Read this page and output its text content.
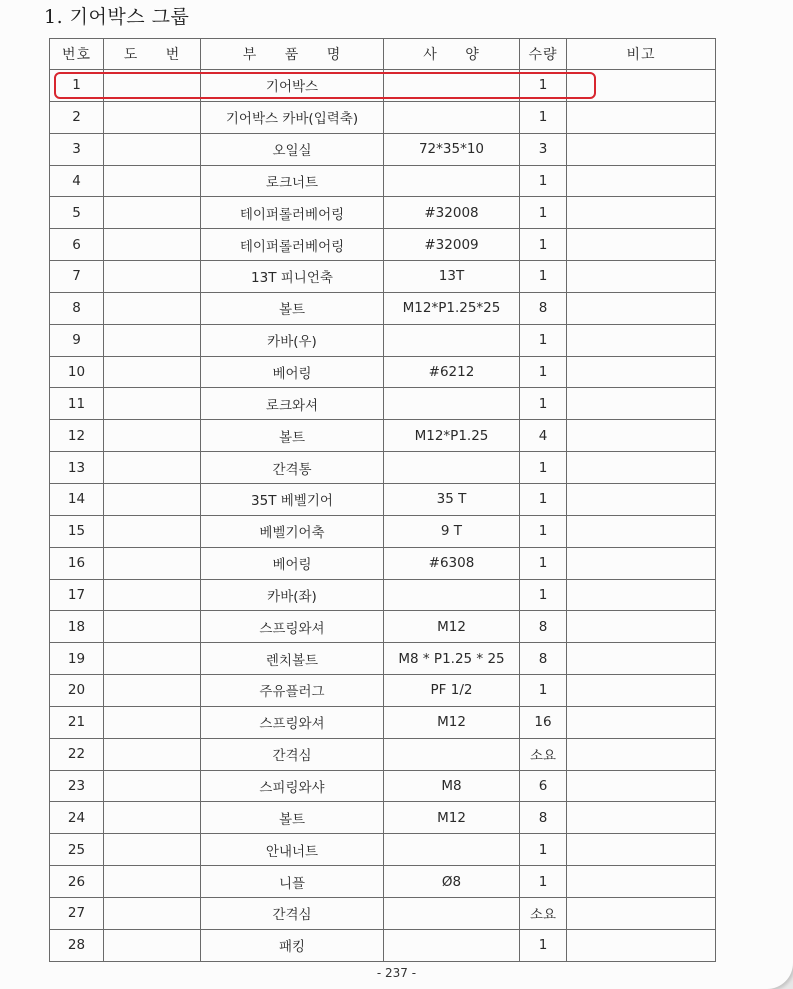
1. 기어박스 그룹
번호	도 번	부 품 명	사 양	수량	비고
1		기어박스		1	
2		기어박스 카바(입력축)		1	
3		오일실	72*35*10	3	
4		로크너트		1	
5		테이퍼롤러베어링	#32008	1	
6		테이퍼롤러베어링	#32009	1	
7		13T 피니언축	13T	1	
8		볼트	M12*P1.25*25	8	
9		카바(우)		1	
10		베어링	#6212	1	
11		로크와셔		1	
12		볼트	M12*P1.25	4	
13		간격통		1	
14		35T 베벨기어	35 T	1	
15		베벨기어축	9 T	1	
16		베어링	#6308	1	
17		카바(좌)		1	
18		스프링와셔	M12	8	
19		렌치볼트	M8 * P1.25 * 25	8	
20		주유플러그	PF 1/2	1	
21		스프링와셔	M12	16	
22		간격심		소요	
23		스피링와샤	M8	6	
24		볼트	M12	8	
25		안내너트		1	
26		니플	Ø8	1	
27		간격심		소요	
28		패킹		1	
- 237 -
